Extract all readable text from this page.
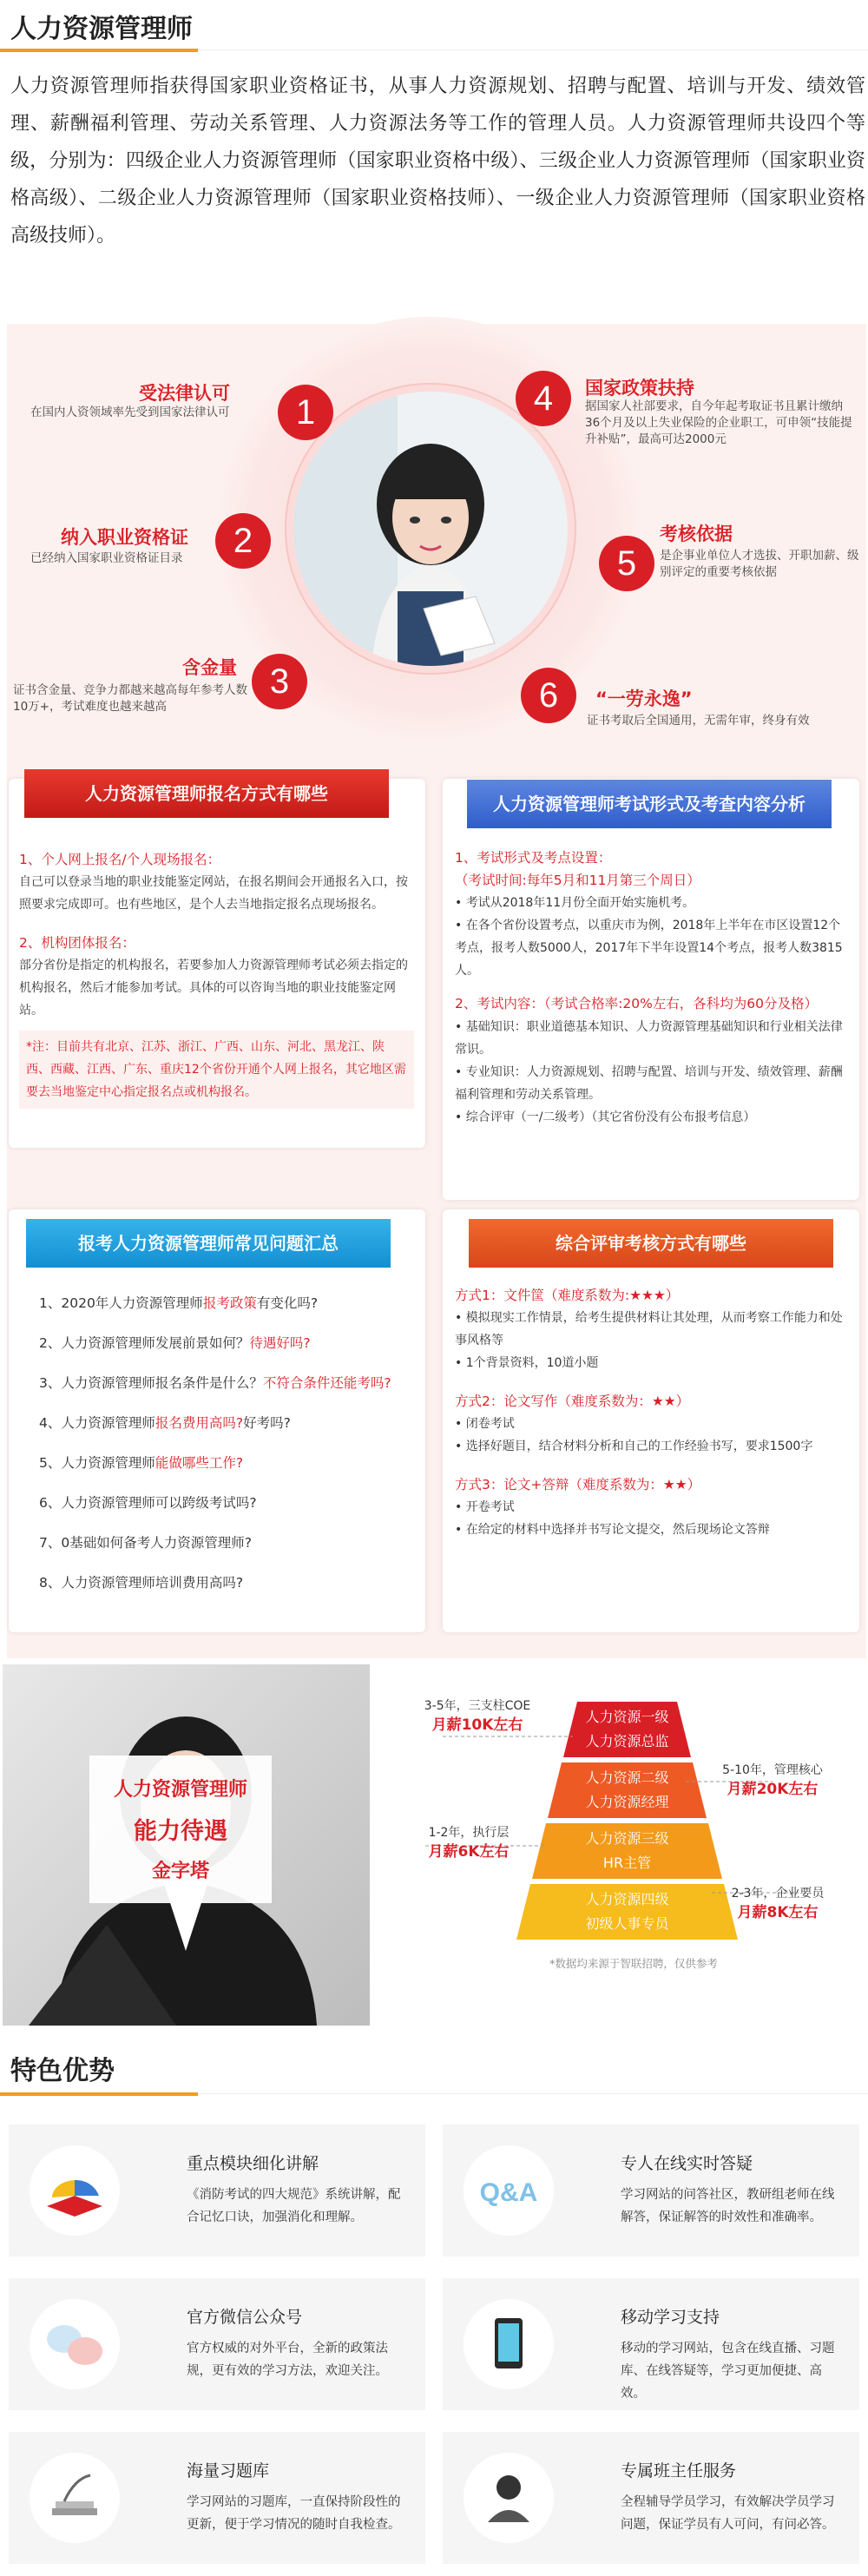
人力资源管理师
人力资源管理师指获得国家职业资格证书，从事人力资源规划、招聘与配置、培训与开发、绩效管理、薪酬福利管理、劳动关系管理、人力资源法务等工作的管理人员。人力资源管理师共设四个等级，分别为：四级企业人力资源管理师（国家职业资格中级）、三级企业人力资源管理师（国家职业资格高级）、二级企业人力资源管理师（国家职业资格技师）、一级企业人力资源管理师（国家职业资格高级技师）。
受法律认可
在国内人资领域率先受到国家法律认可	1
纳入职业资格证
已经纳入国家职业资格证目录	2
含金量
证书含金量、竞争力都越来越高每年参考人数10万+，考试难度也越来越高
3
4	国家政策扶持
据国家人社部要求，自今年起考取证书且累计缴纳36个月及以上失业保险的企业职工，可申领“技能提升补贴”，最高可达2000元
5
考核依据
是企事业单位人才选拔、开职加薪、级别评定的重要考核依据
6	“一劳永逸”
证书考取后全国通用，无需年审，终身有效
1、个人网上报名/个人现场报名：
自己可以登录当地的职业技能鉴定网站，在报名期间会开通报名入口，按照要求完成即可。也有些地区，是个人去当地指定报名点现场报名。
2、机构团体报名：
部分省份是指定的机构报名，若要参加人力资源管理师考试必须去指定的机构报名，然后才能参加考试。具体的可以咨询当地的职业技能鉴定网站。
*注：目前共有北京、江苏、浙江、广西、山东、河北、黑龙江、陕西、西藏、江西、广东、重庆12个省份开通个人网上报名，其它地区需要去当地鉴定中心指定报名点或机构报名。
人力资源管理师报名方式有哪些
1、考试形式及考点设置：
（考试时间:每年5月和11月第三个周日）
• 考试从2018年11月份全面开始实施机考。
• 在各个省份设置考点，以重庆市为例，2018年上半年在市区设置12个考点，报考人数5000人，2017年下半年设置14个考点，报考人数3815人。
2、考试内容：（考试合格率:20%左右，各科均为60分及格）
• 基础知识：职业道德基本知识、人力资源管理基础知识和行业相关法律常识。
• 专业知识：人力资源规划、招聘与配置、培训与开发、绩效管理、薪酬福利管理和劳动关系管理。
• 综合评审（一/二级考）（其它省份没有公布报考信息）
人力资源管理师考试形式及考查内容分析
1、2020年人力资源管理师报考政策有变化吗?
2、人力资源管理师发展前景如何？待遇好吗?
3、人力资源管理师报名条件是什么？不符合条件还能考吗?
4、人力资源管理师报名费用高吗?好考吗?
5、人力资源管理师能做哪些工作?
6、人力资源管理师可以跨级考试吗?
7、0基础如何备考人力资源管理师?
8、人力资源管理师培训费用高吗?
报考人力资源管理师常见问题汇总
方式1：文件筐（难度系数为:★★★）
• 模拟现实工作情景，给考生提供材料让其处理，从而考察工作能力和处事风格等
• 1个背景资料，10道小题
方式2：论文写作（难度系数为：★★）
• 闭卷考试
• 选择好题目，结合材料分析和自己的工作经验书写，要求1500字
方式3：论文+答辩（难度系数为：★★）
• 开卷考试
• 在给定的材料中选择并书写论文提交，然后现场论文答辩
综合评审考核方式有哪些
人力资源管理师
能力待遇
金字塔
人力资源一级
人力资源总监
人力资源二级
人力资源经理
人力资源三级
HR主管
人力资源四级
初级人事专员
3-5年，三支柱COE
月薪10K左右
5-10年，管理核心
月薪20K左右
1-2年，执行层
月薪6K左右
2-3年，企业要员
月薪8K左右
*数据均来源于智联招聘，仅供参考
特色优势
重点模块细化讲解
《消防考试的四大规范》系统讲解，配合记忆口诀，加强消化和理解。
Q&A
专人在线实时答疑
学习网站的问答社区，教研组老师在线解答，保证解答的时效性和准确率。
官方微信公众号
官方权威的对外平台，全新的政策法规，更有效的学习方法，欢迎关注。
移动学习支持
移动的学习网站，包含在线直播、习题库、在线答疑等，学习更加便捷、高效。
海量习题库
学习网站的习题库，一直保持阶段性的更新，便于学习情况的随时自我检查。
专属班主任服务
全程辅导学员学习，有效解决学员学习问题，保证学员有人可问，有问必答。
